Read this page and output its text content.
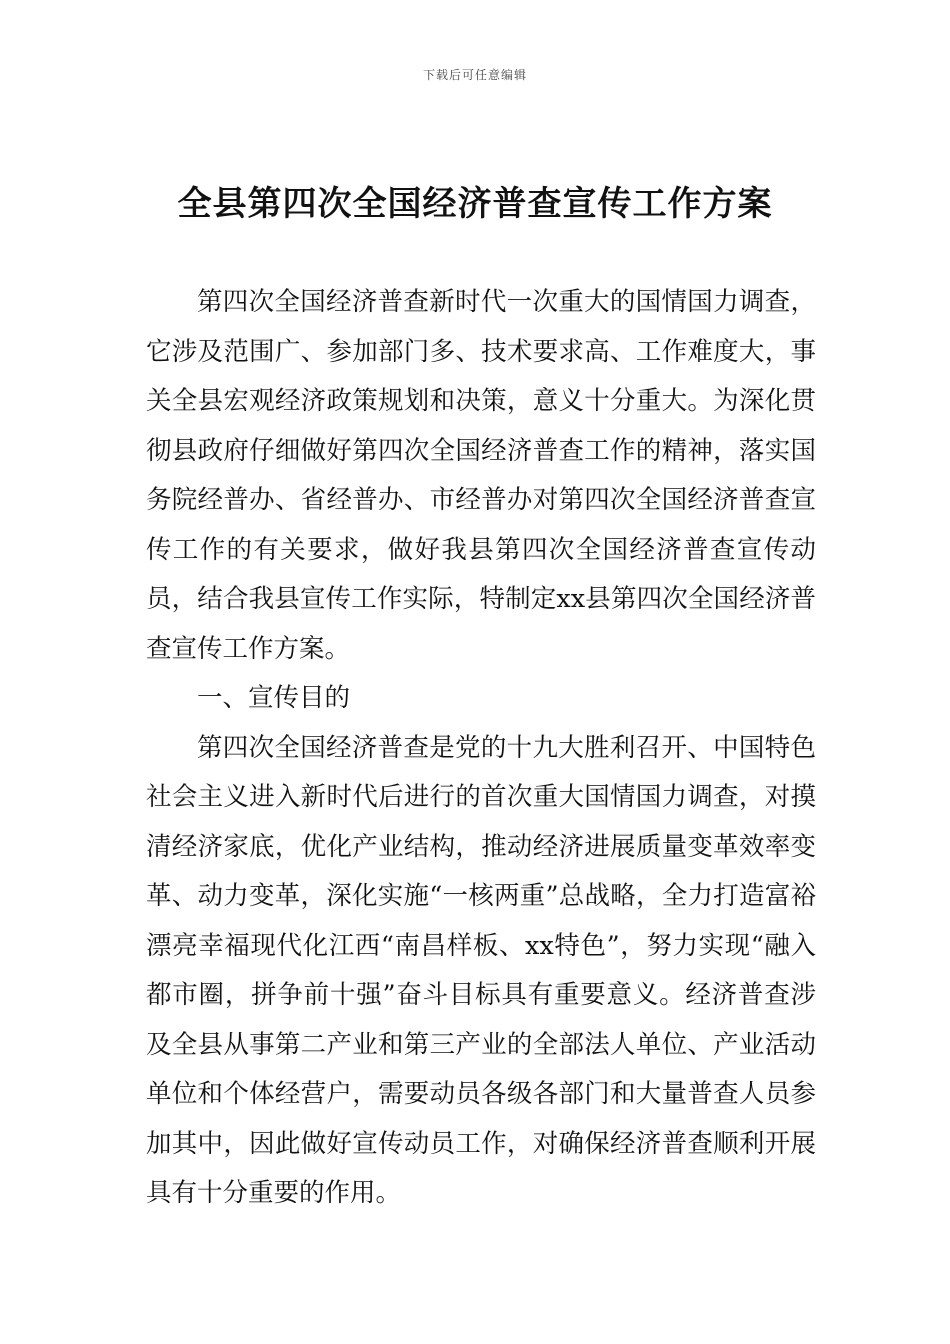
下载后可任意编辑
全县第四次全国经济普查宣传工作方案

第四次全国经济普查新时代一次重大的国情国力调查，它涉及范围广、参加部门多、技术要求高、工作难度大，事关全县宏观经济政策规划和决策，意义十分重大。为深化贯彻县政府仔细做好第四次全国经济普查工作的精神，落实国务院经普办、省经普办、市经普办对第四次全国经济普查宣传工作的有关要求，做好我县第四次全国经济普查宣传动员，结合我县宣传工作实际，特制定xx县第四次全国经济普查宣传工作方案。

一、宣传目的

第四次全国经济普查是党的十九大胜利召开、中国特色社会主义进入新时代后进行的首次重大国情国力调查，对摸清经济家底，优化产业结构，推动经济进展质量变革效率变革、动力变革，深化实施“一核两重”总战略，全力打造富裕漂亮幸福现代化江西“南昌样板、xx特色”，努力实现“融入都市圈，拼争前十强”奋斗目标具有重要意义。经济普查涉及全县从事第二产业和第三产业的全部法人单位、产业活动单位和个体经营户，需要动员各级各部门和大量普查人员参加其中，因此做好宣传动员工作，对确保经济普查顺利开展具有十分重要的作用。
